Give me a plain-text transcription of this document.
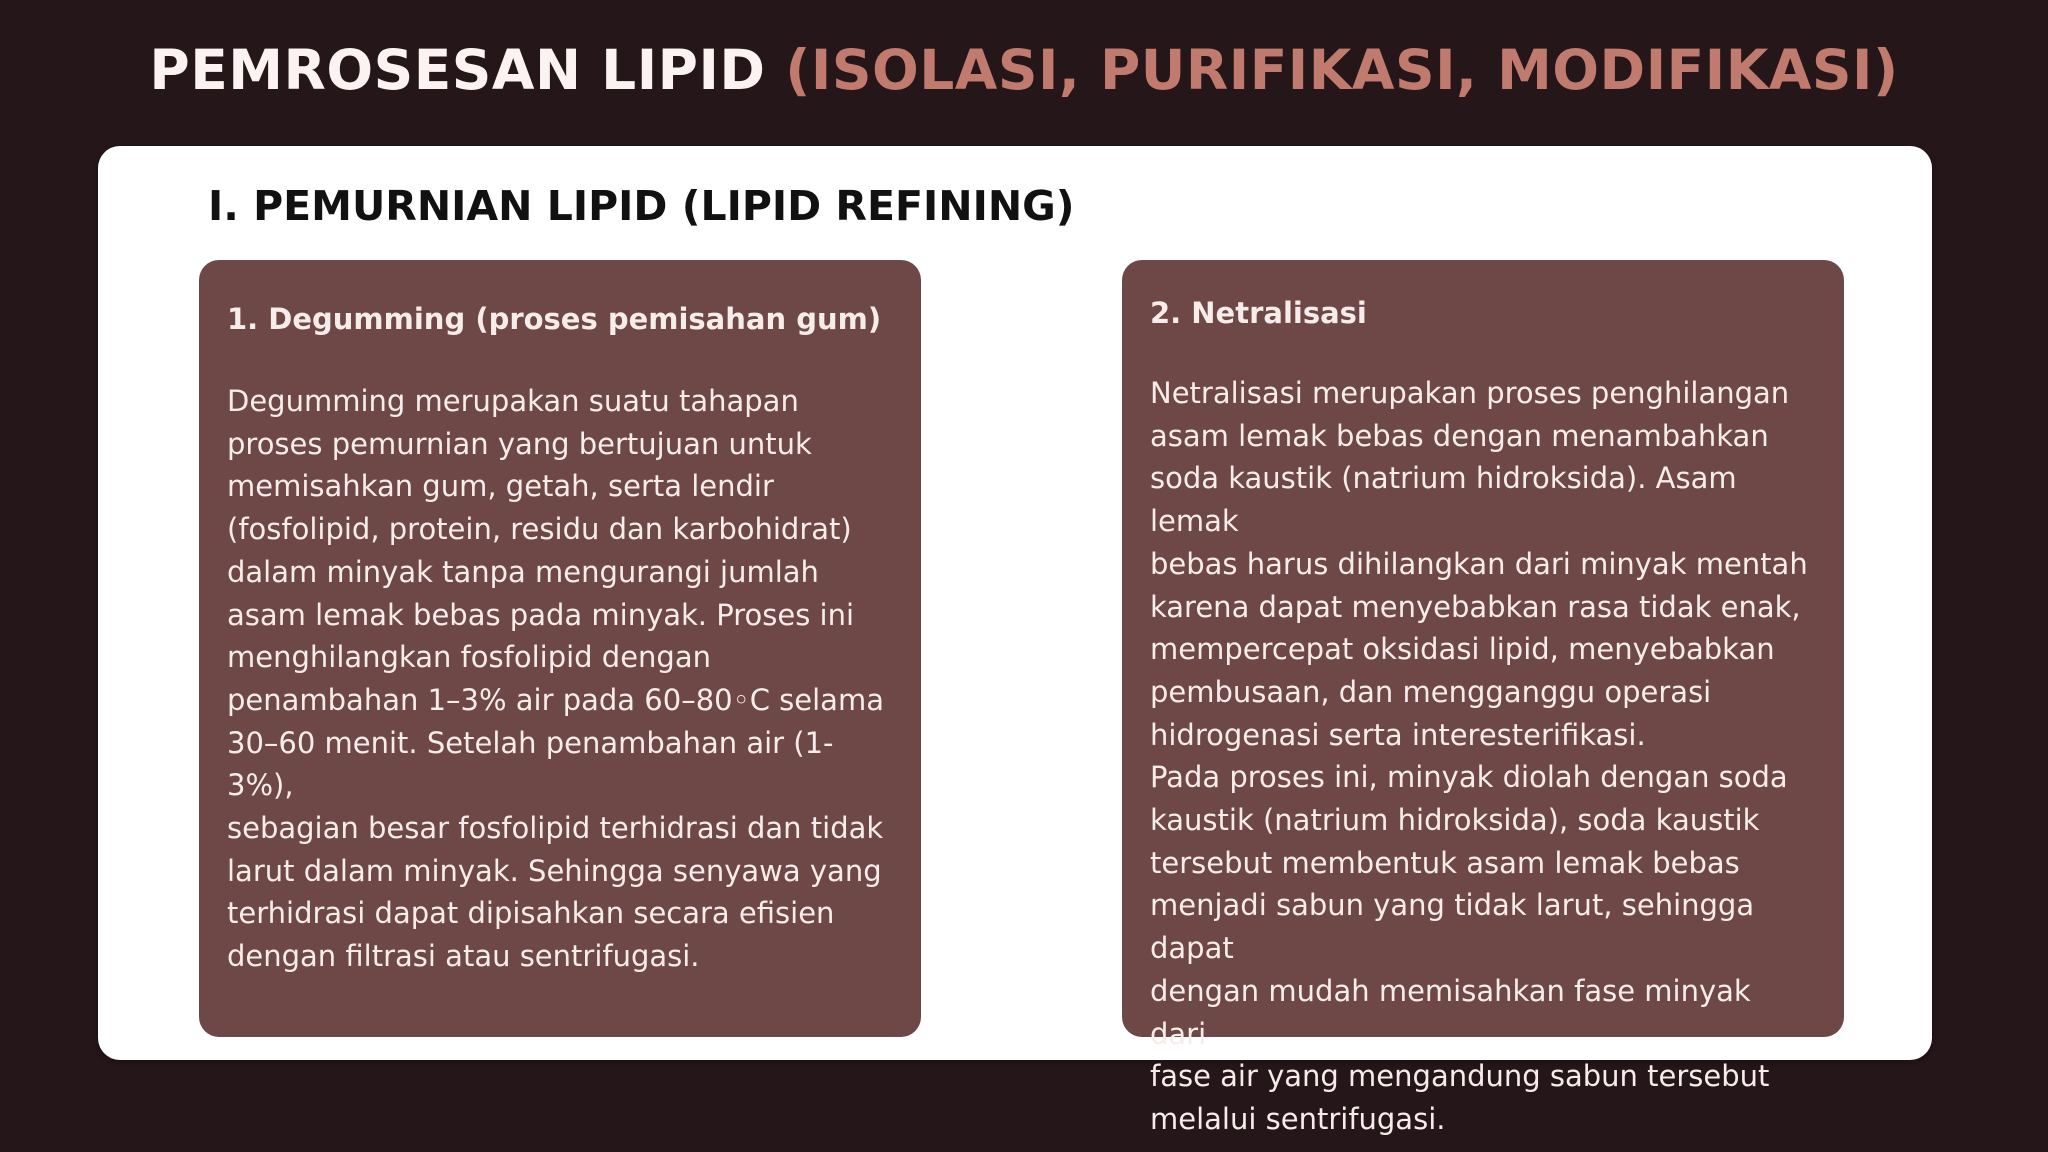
PEMROSESAN LIPID (ISOLASI, PURIFIKASI, MODIFIKASI)
I. PEMURNIAN LIPID (LIPID REFINING)
1. Degumming (proses pemisahan gum)

Degumming merupakan suatu tahapan
proses pemurnian yang bertujuan untuk
memisahkan gum, getah, serta lendir
(fosfolipid, protein, residu dan karbohidrat)
dalam minyak tanpa mengurangi jumlah
asam lemak bebas pada minyak. Proses ini
menghilangkan fosfolipid dengan
penambahan 1–3% air pada 60–80◦C selama
30–60 menit. Setelah penambahan air (1-3%),
sebagian besar fosfolipid terhidrasi dan tidak
larut dalam minyak. Sehingga senyawa yang
terhidrasi dapat dipisahkan secara efisien
dengan filtrasi atau sentrifugasi.

2. Netralisasi

Netralisasi merupakan proses penghilangan
asam lemak bebas dengan menambahkan
soda kaustik (natrium hidroksida). Asam lemak
bebas harus dihilangkan dari minyak mentah
karena dapat menyebabkan rasa tidak enak,
mempercepat oksidasi lipid, menyebabkan
pembusaan, dan mengganggu operasi
hidrogenasi serta interesterifikasi.
Pada proses ini, minyak diolah dengan soda
kaustik (natrium hidroksida), soda kaustik
tersebut membentuk asam lemak bebas
menjadi sabun yang tidak larut, sehingga dapat
dengan mudah memisahkan fase minyak dari
fase air yang mengandung sabun tersebut
melalui sentrifugasi.
